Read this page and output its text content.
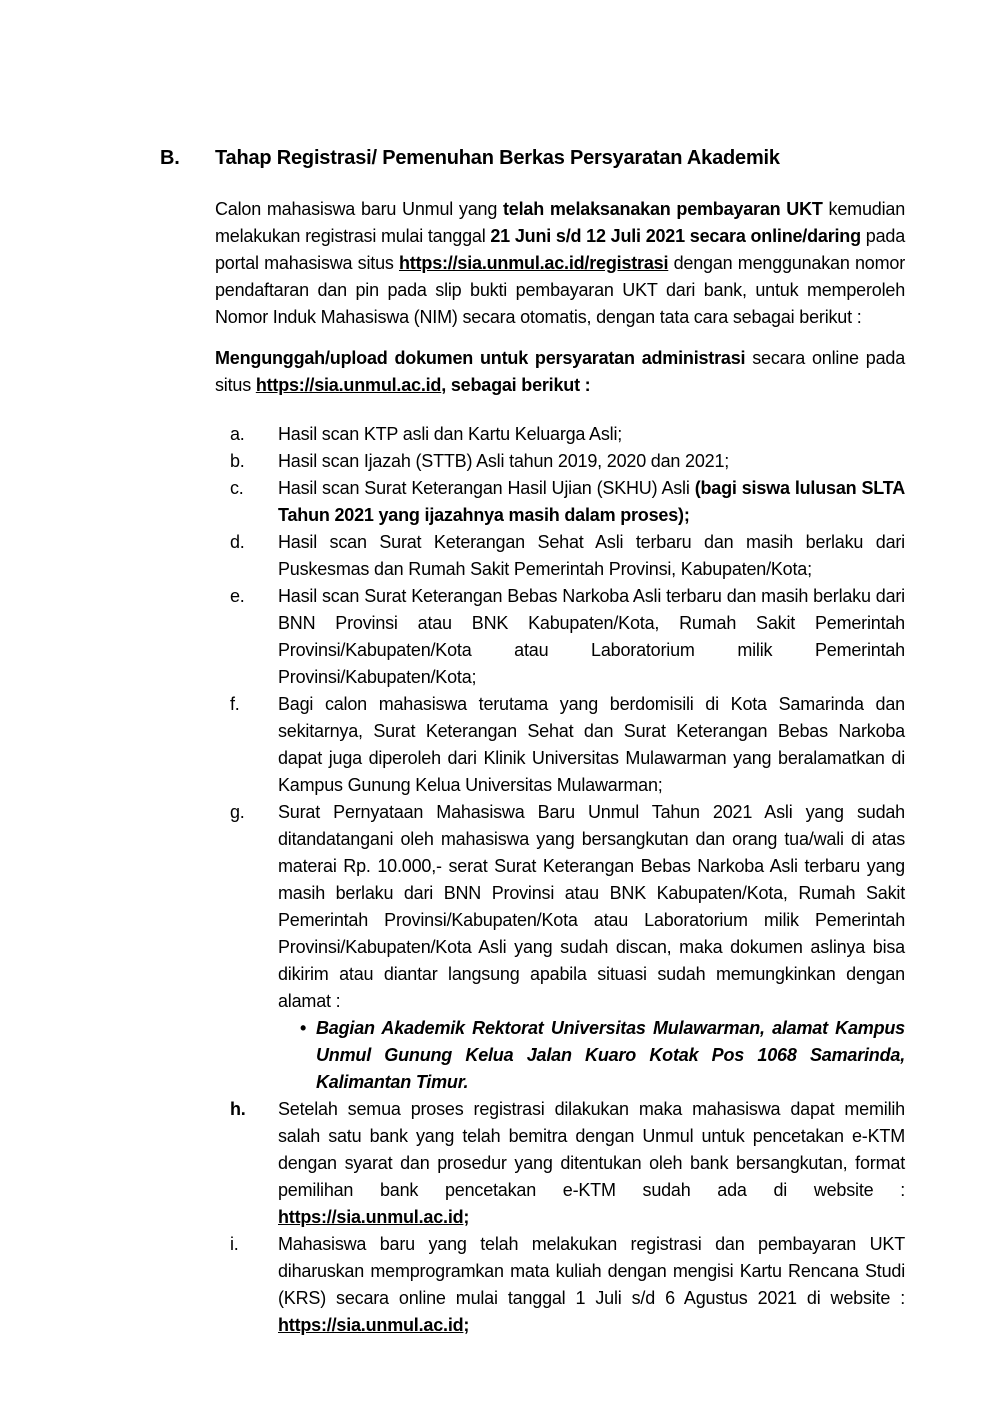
B.	Tahap Registrasi/ Pemenuhan Berkas Persyaratan Akademik

Calon mahasiswa baru Unmul yang telah melaksanakan pembayaran UKT kemudian melakukan registrasi mulai tanggal 21 Juni s/d 12 Juli 2021 secara online/daring pada portal mahasiswa situs https://sia.unmul.ac.id/registrasi dengan menggunakan nomor pendaftaran dan pin pada slip bukti pembayaran UKT dari bank, untuk memperoleh Nomor Induk Mahasiswa (NIM) secara otomatis, dengan tata cara sebagai berikut :

Mengunggah/upload dokumen untuk persyaratan administrasi secara online pada situs https://sia.unmul.ac.id, sebagai berikut :

a.	Hasil scan KTP asli dan Kartu Keluarga Asli;
b.	Hasil scan Ijazah (STTB) Asli tahun 2019, 2020 dan 2021;
c.	Hasil scan Surat Keterangan Hasil Ujian (SKHU) Asli (bagi siswa lulusan SLTA Tahun 2021 yang ijazahnya masih dalam proses);
d.	Hasil scan Surat Keterangan Sehat Asli terbaru dan masih berlaku dari Puskesmas dan Rumah Sakit Pemerintah Provinsi, Kabupaten/Kota;
e.	Hasil scan Surat Keterangan Bebas Narkoba Asli terbaru dan masih berlaku dari BNN Provinsi atau BNK Kabupaten/Kota, Rumah Sakit Pemerintah Provinsi/Kabupaten/Kota atau Laboratorium milik Pemerintah Provinsi/Kabupaten/Kota;
f.	Bagi calon mahasiswa terutama yang berdomisili di Kota Samarinda dan sekitarnya, Surat Keterangan Sehat dan Surat Keterangan Bebas Narkoba dapat juga diperoleh dari Klinik Universitas Mulawarman yang beralamatkan di Kampus Gunung Kelua Universitas Mulawarman;
g.	Surat Pernyataan Mahasiswa Baru Unmul Tahun 2021 Asli yang sudah ditandatangani oleh mahasiswa yang bersangkutan dan orang tua/wali di atas materai Rp. 10.000,- serat Surat Keterangan Bebas Narkoba Asli terbaru yang masih berlaku dari BNN Provinsi atau BNK Kabupaten/Kota, Rumah Sakit Pemerintah Provinsi/Kabupaten/Kota atau Laboratorium milik Pemerintah Provinsi/Kabupaten/Kota Asli yang sudah discan, maka dokumen aslinya bisa dikirim atau diantar langsung apabila situasi sudah memungkinkan dengan alamat :
• Bagian Akademik Rektorat Universitas Mulawarman, alamat Kampus Unmul Gunung Kelua Jalan Kuaro Kotak Pos 1068 Samarinda, Kalimantan Timur.
h.	Setelah semua proses registrasi dilakukan maka mahasiswa dapat memilih salah satu bank yang telah bemitra dengan Unmul untuk pencetakan e-KTM dengan syarat dan prosedur yang ditentukan oleh bank bersangkutan, format pemilihan bank pencetakan e-KTM sudah ada di website : https://sia.unmul.ac.id;
i.	Mahasiswa baru yang telah melakukan registrasi dan pembayaran UKT diharuskan memprogramkan mata kuliah dengan mengisi Kartu Rencana Studi (KRS) secara online mulai tanggal 1 Juli s/d 6 Agustus 2021 di website : https://sia.unmul.ac.id;
